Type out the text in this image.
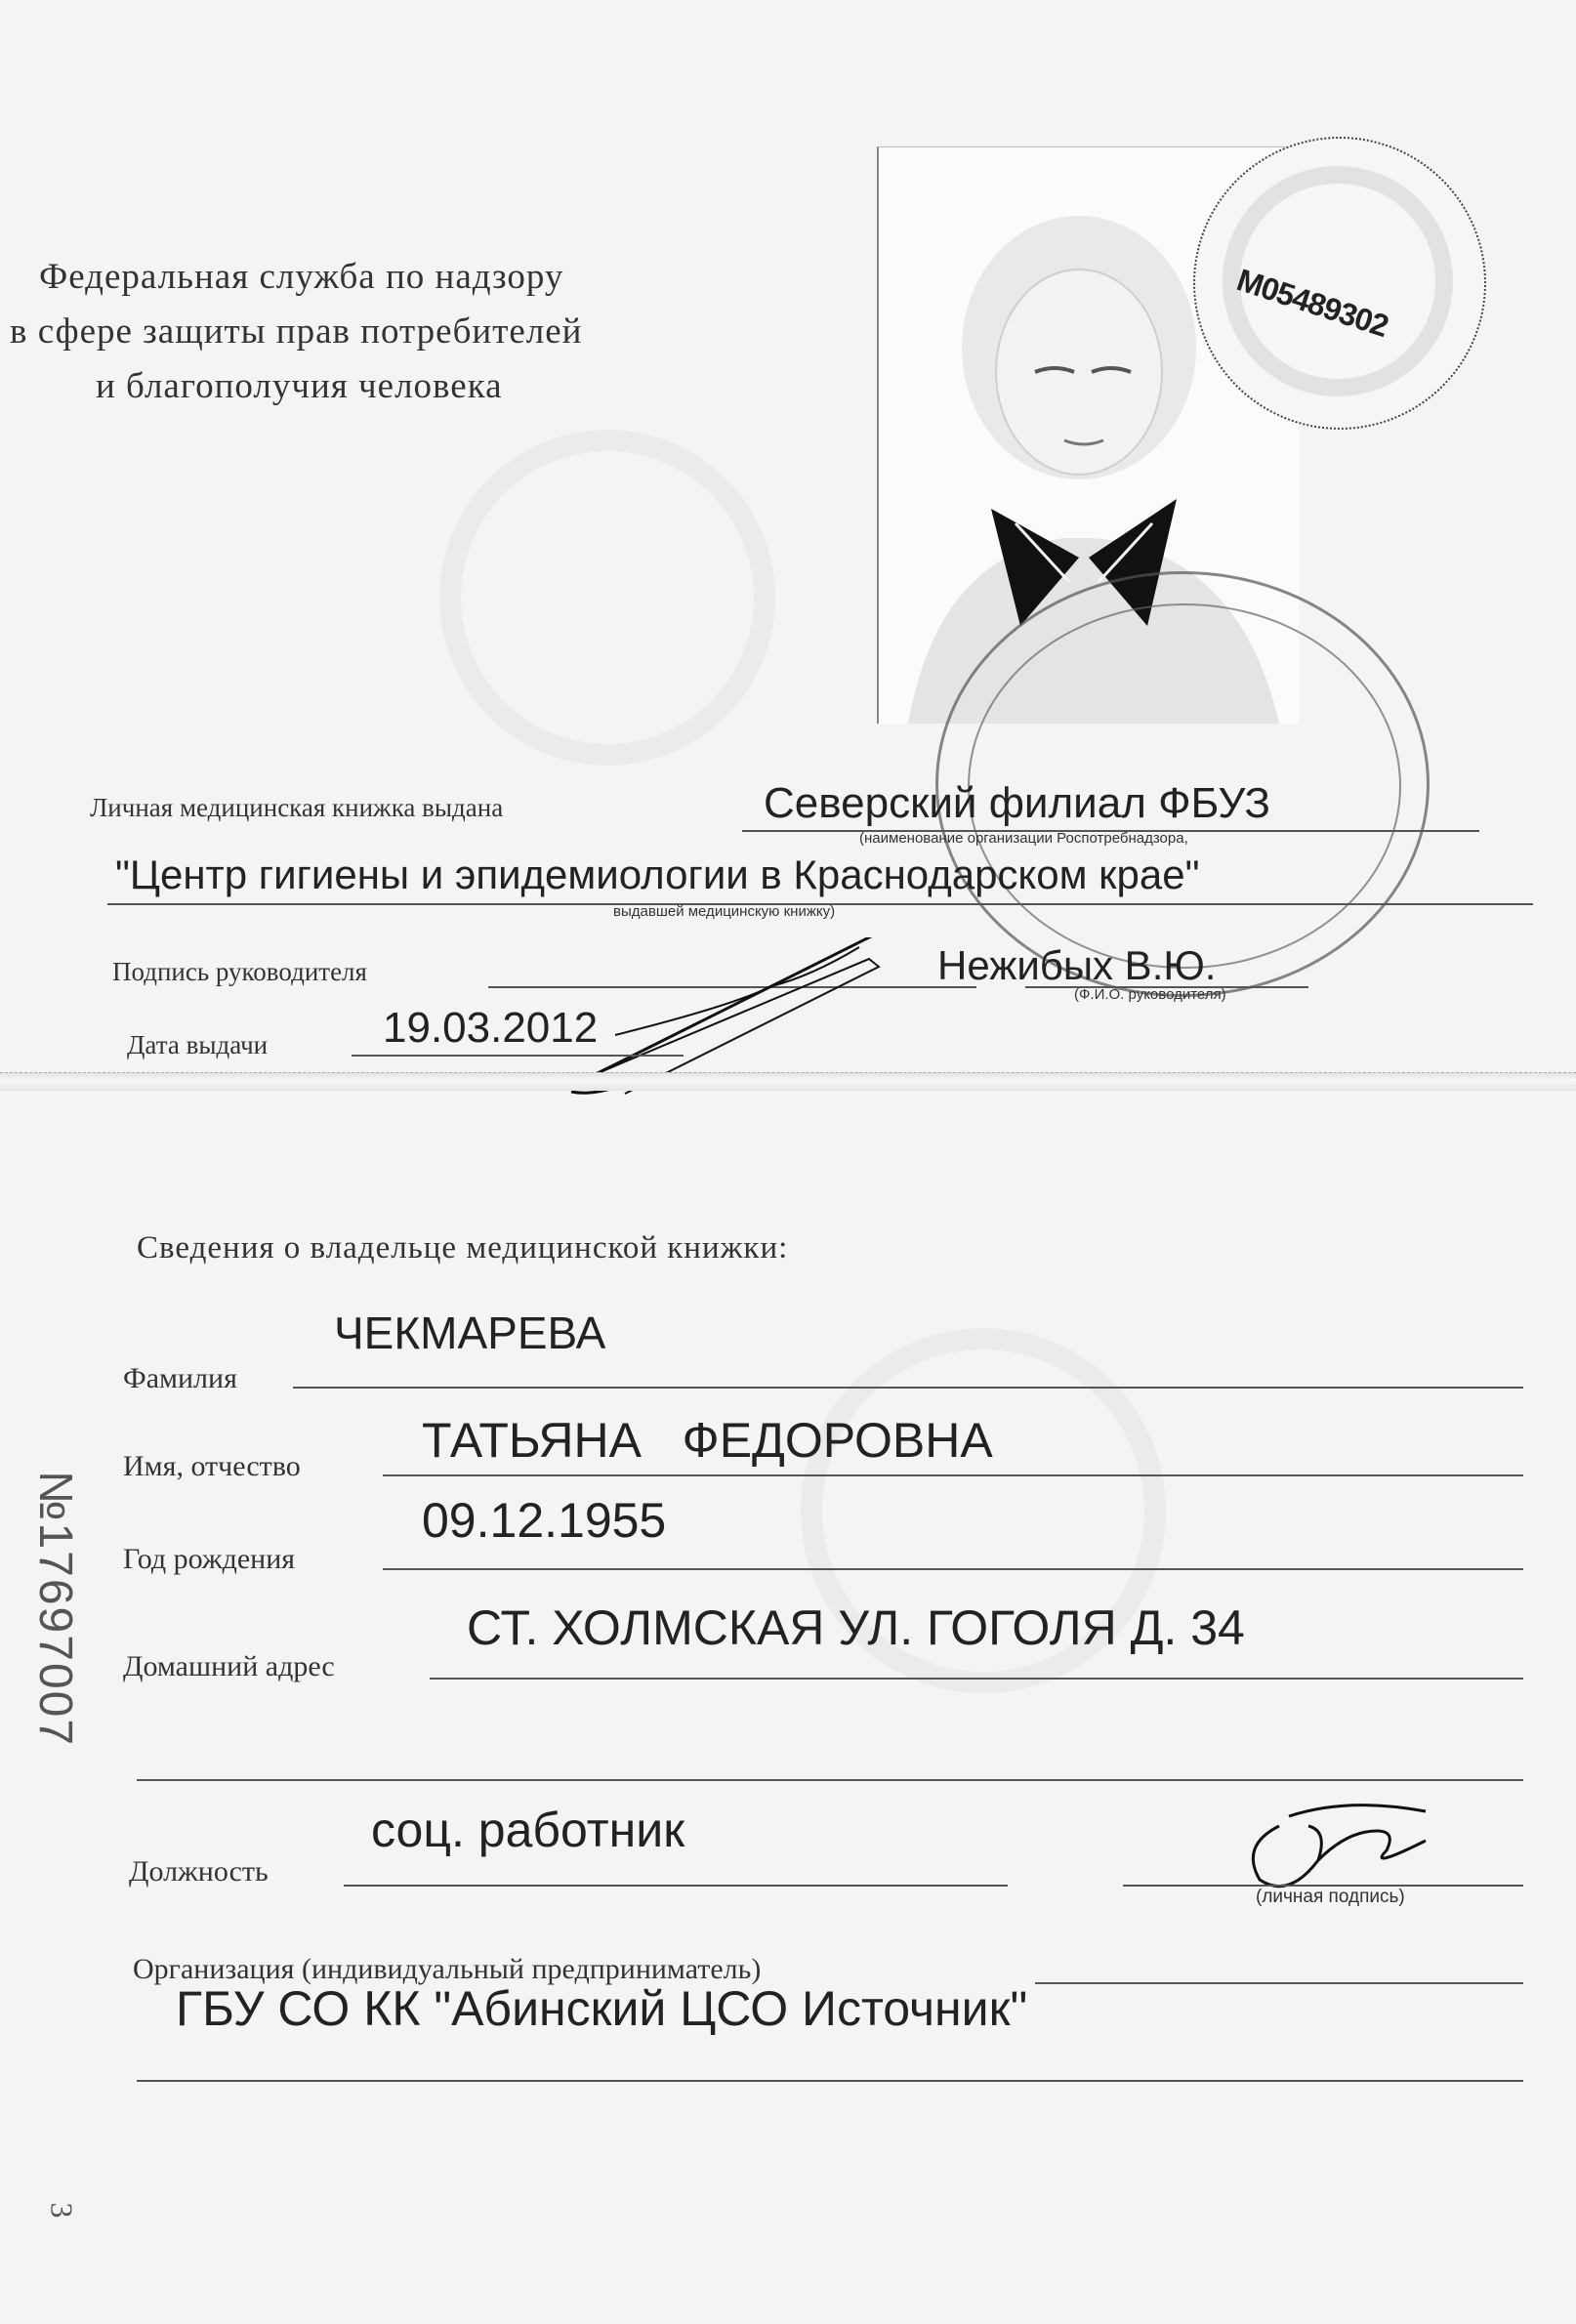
Федеральная служба по надзору
в сфере защиты прав потребителей
и благополучия человека
M05489302
Личная медицинская книжка выдана	Северский филиал ФБУЗ
(наименование организации Роспотребнадзора,
"Центр гигиены и эпидемиологии в Краснодарском крае"
выдавшей медицинскую книжку)
Подпись руководителя	Нежибых В.Ю.
(Ф.И.О. руководителя)
Дата выдачи	19.03.2012
№17697007
Сведения о владельце медицинской книжки:
Фамилия
ЧЕКМАРЕВА
Имя, отчество ТАТЬЯНА   ФЕДОРОВНА
Год рождения
09.12.1955
Домашний адрес
СТ. ХОЛМСКАЯ УЛ. ГОГОЛЯ Д. 34
Должность
соц. работник
(личная подпись)
Организация (индивидуальный предприниматель)
ГБУ СО КК "Абинский ЦСО Источник"
3
